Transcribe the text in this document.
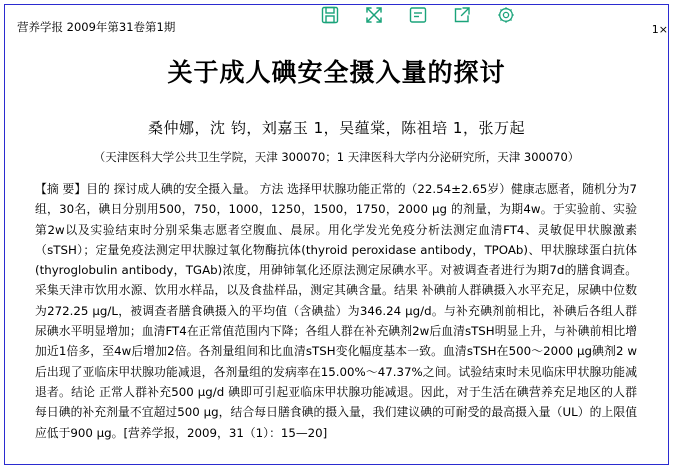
营养学报 2009年第31卷第1期	1×
关于成人碘安全摄入量的探讨
桑仲娜，沈 钧，刘嘉玉 1，吴蕴棠，陈祖培 1，张万起
（天津医科大学公共卫生学院，天津 300070；1 天津医科大学内分泌研究所，天津 300070）

【摘 要】目的 探讨成人碘的安全摄入量。 方法 选择甲状腺功能正常的（22.54±2.65岁）健康志愿者，随机分为7组，30名，碘日分别用500，750，1000，1250，1500，1750，2000 μg 的剂量，为期4w。于实验前、实验第2w以及实验结束时分别采集志愿者空腹血、晨尿。用化学发光免疫分析法测定血清FT4、灵敏促甲状腺激素（sTSH）；定量免疫法测定甲状腺过氧化物酶抗体(thyroid peroxidase antibody，TPOAb)、甲状腺球蛋白抗体(thyroglobulin antibody，TGAb)浓度，用砷铈氧化还原法测定尿碘水平。对被调查者进行为期7d的膳食调查。采集天津市饮用水源、饮用水样品，以及食盐样品，测定其碘含量。结果 补碘前人群碘摄入水平充足，尿碘中位数为272.25 μg/L，被调查者膳食碘摄入的平均值（含碘盐）为346.24 μg/d。与补充碘剂前相比，补碘后各组人群尿碘水平明显增加；血清FT4在正常值范围内下降；各组人群在补充碘剂2w后血清sTSH明显上升，与补碘前相比增加近1倍多，至4w后增加2倍。各剂量组间和比血清sTSH变化幅度基本一致。血清sTSH在500～2000 μg碘剂2 w后出现了亚临床甲状腺功能减退，各剂量组的发病率在15.00%～47.37%之间。试验结束时未见临床甲状腺功能减退者。结论 正常人群补充500 μg/d 碘即可引起亚临床甲状腺功能减退。因此，对于生活在碘营养充足地区的人群每日碘的补充剂量不宜超过500 μg，结合每日膳食碘的摄入量，我们建议碘的可耐受的最高摄入量（UL）的上限值应低于900 μg。[营养学报，2009，31（1）：15—20]
